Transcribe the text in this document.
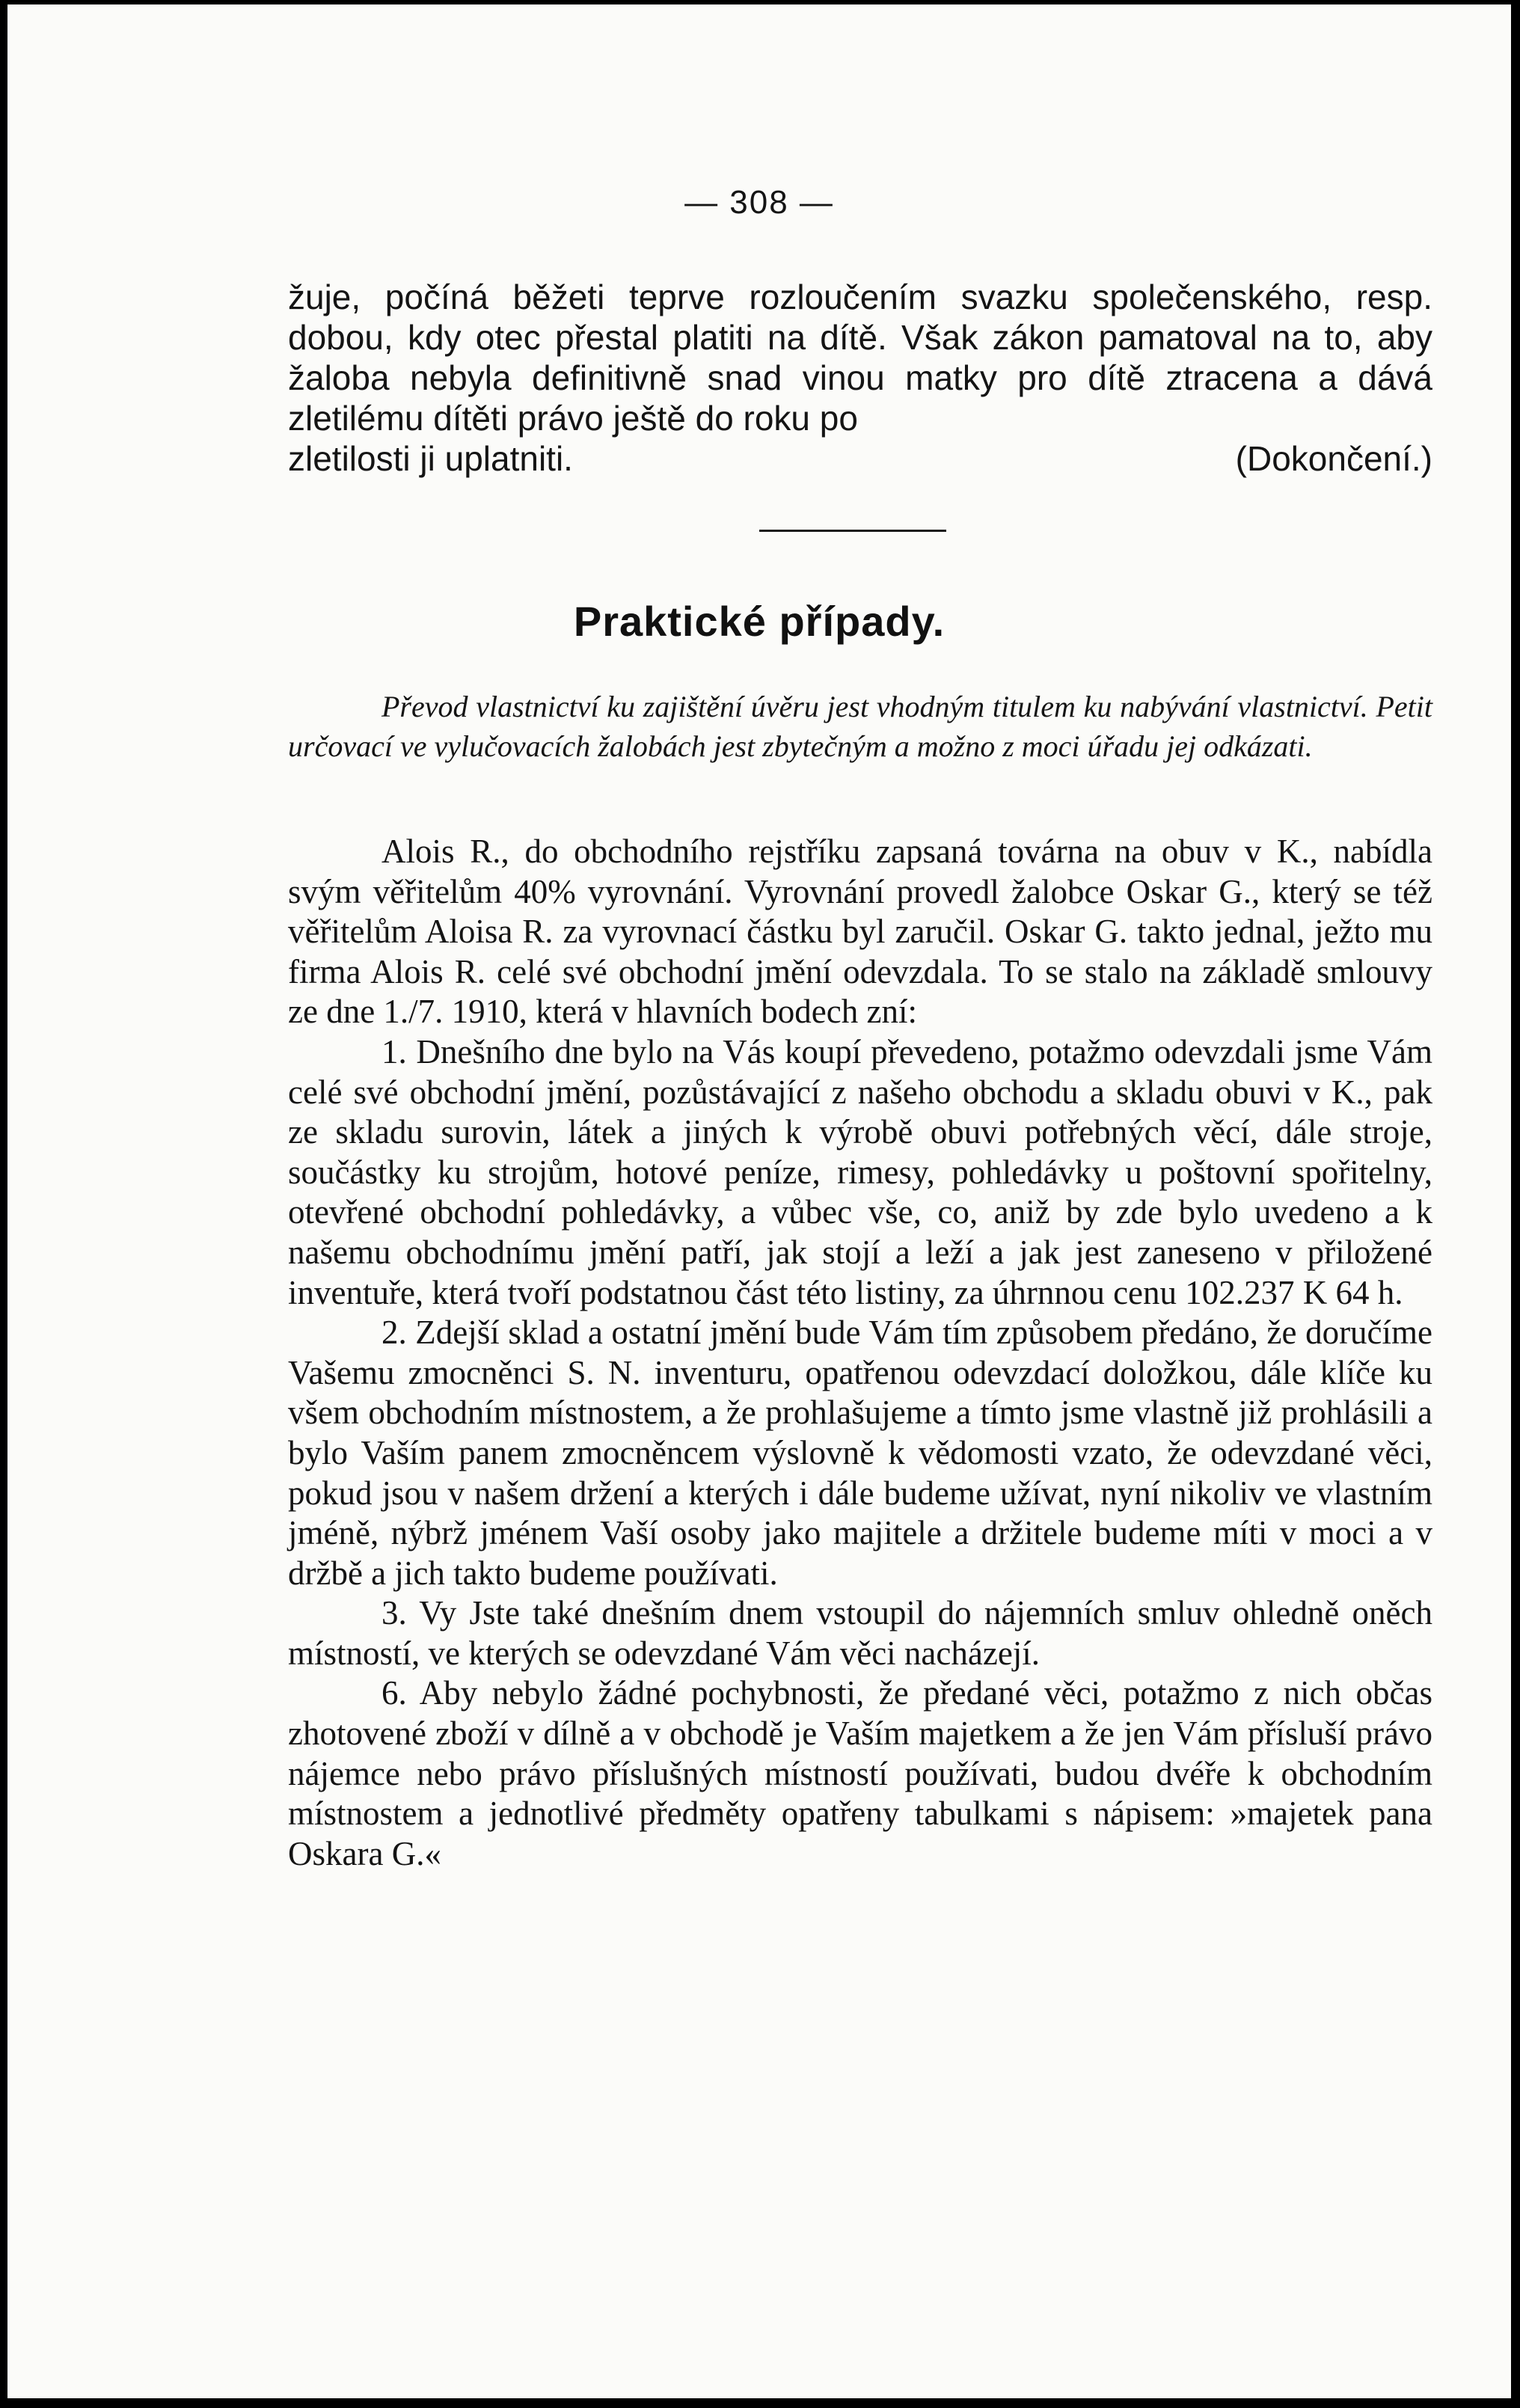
— 308 —
žuje, počíná běžeti teprve rozloučením svazku společenského, resp. dobou, kdy otec přestal platiti na dítě. Však zákon pamatoval na to, aby žaloba nebyla definitivně snad vinou matky pro dítě ztracena a dává zletilému dítěti právo ještě do roku po
zletilosti ji uplatniti.	(Dokončení.)
Praktické případy.
Převod vlastnictví ku zajištění úvěru jest vhodným titulem ku nabývání vlastnictví. Petit určovací ve vylučovacích žalobách jest zbytečným a možno z moci úřadu jej odkázati.

Alois R., do obchodního rejstříku zapsaná továrna na obuv v K., nabídla svým věřitelům 40% vyrovnání. Vyrovnání provedl žalobce Oskar G., který se též věřitelům Aloisa R. za vyrovnací částku byl zaručil. Oskar G. takto jednal, ježto mu firma Alois R. celé své obchodní jmění odevzdala. To se stalo na základě smlouvy ze dne 1./7. 1910, která v hlavních bodech zní:

1. Dnešního dne bylo na Vás koupí převedeno, potažmo odevzdali jsme Vám celé své obchodní jmění, pozůstávající z našeho obchodu a skladu obuvi v K., pak ze skladu surovin, látek a jiných k výrobě obuvi potřebných věcí, dále stroje, součástky ku strojům, hotové peníze, rimesy, pohledávky u poštovní spořitelny, otevřené obchodní pohledávky, a vůbec vše, co, aniž by zde bylo uvedeno a k našemu obchodnímu jmění patří, jak stojí a leží a jak jest zaneseno v přiložené inventuře, která tvoří podstatnou část této listiny, za úhrnnou cenu 102.237 K 64 h.

2. Zdejší sklad a ostatní jmění bude Vám tím způsobem předáno, že doručíme Vašemu zmocněnci S. N. inventuru, opatřenou odevzdací doložkou, dále klíče ku všem obchodním místnostem, a že prohlašujeme a tímto jsme vlastně již prohlásili a bylo Vaším panem zmocněncem výslovně k vědomosti vzato, že odevzdané věci, pokud jsou v našem držení a kterých i dále budeme užívat, nyní nikoliv ve vlastním jméně, nýbrž jménem Vaší osoby jako majitele a držitele budeme míti v moci a v držbě a jich takto budeme používati.

3. Vy Jste také dnešním dnem vstoupil do nájemních smluv ohledně oněch místností, ve kterých se odevzdané Vám věci nacházejí.

6. Aby nebylo žádné pochybnosti, že předané věci, potažmo z nich občas zhotovené zboží v dílně a v obchodě je Vaším majetkem a že jen Vám přísluší právo nájemce nebo právo příslušných místností používati, budou dvéře k obchodním místnostem a jednotlivé předměty opatřeny tabulkami s nápisem: »majetek pana Oskara G.«
